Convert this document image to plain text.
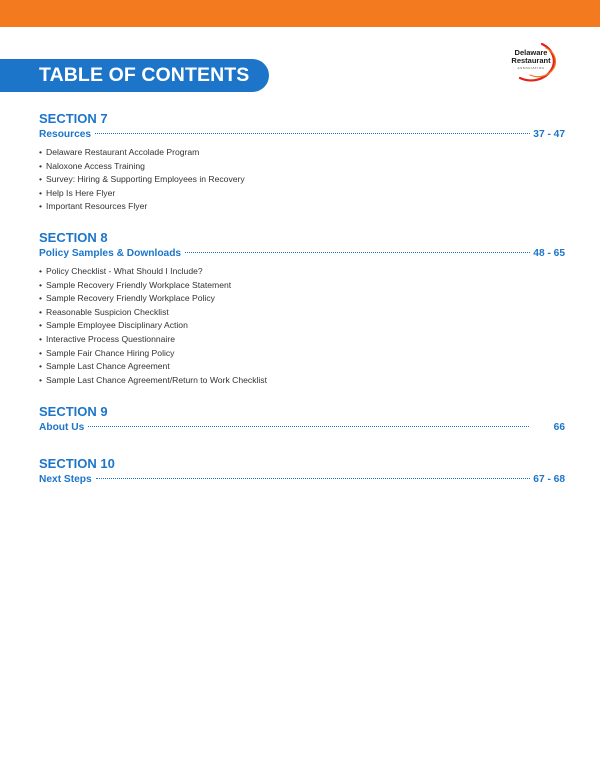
TABLE OF CONTENTS
Delaware
Restaurant
ASSOCIATION
SECTION 7
Resources	37 - 47
• Delaware Restaurant Accolade Program
• Naloxone Access Training
• Survey: Hiring & Supporting Employees in Recovery
• Help Is Here Flyer
• Important Resources Flyer
SECTION 8
Policy Samples & Downloads	48 - 65
• Policy Checklist - What Should I Include?
• Sample Recovery Friendly Workplace Statement
• Sample Recovery Friendly Workplace Policy
• Reasonable Suspicion Checklist
• Sample Employee Disciplinary Action
• Interactive Process Questionnaire
• Sample Fair Chance Hiring Policy
• Sample Last Chance Agreement
• Sample Last Chance Agreement/Return to Work Checklist
SECTION 9
About Us	66
SECTION 10
Next Steps	67 - 68
